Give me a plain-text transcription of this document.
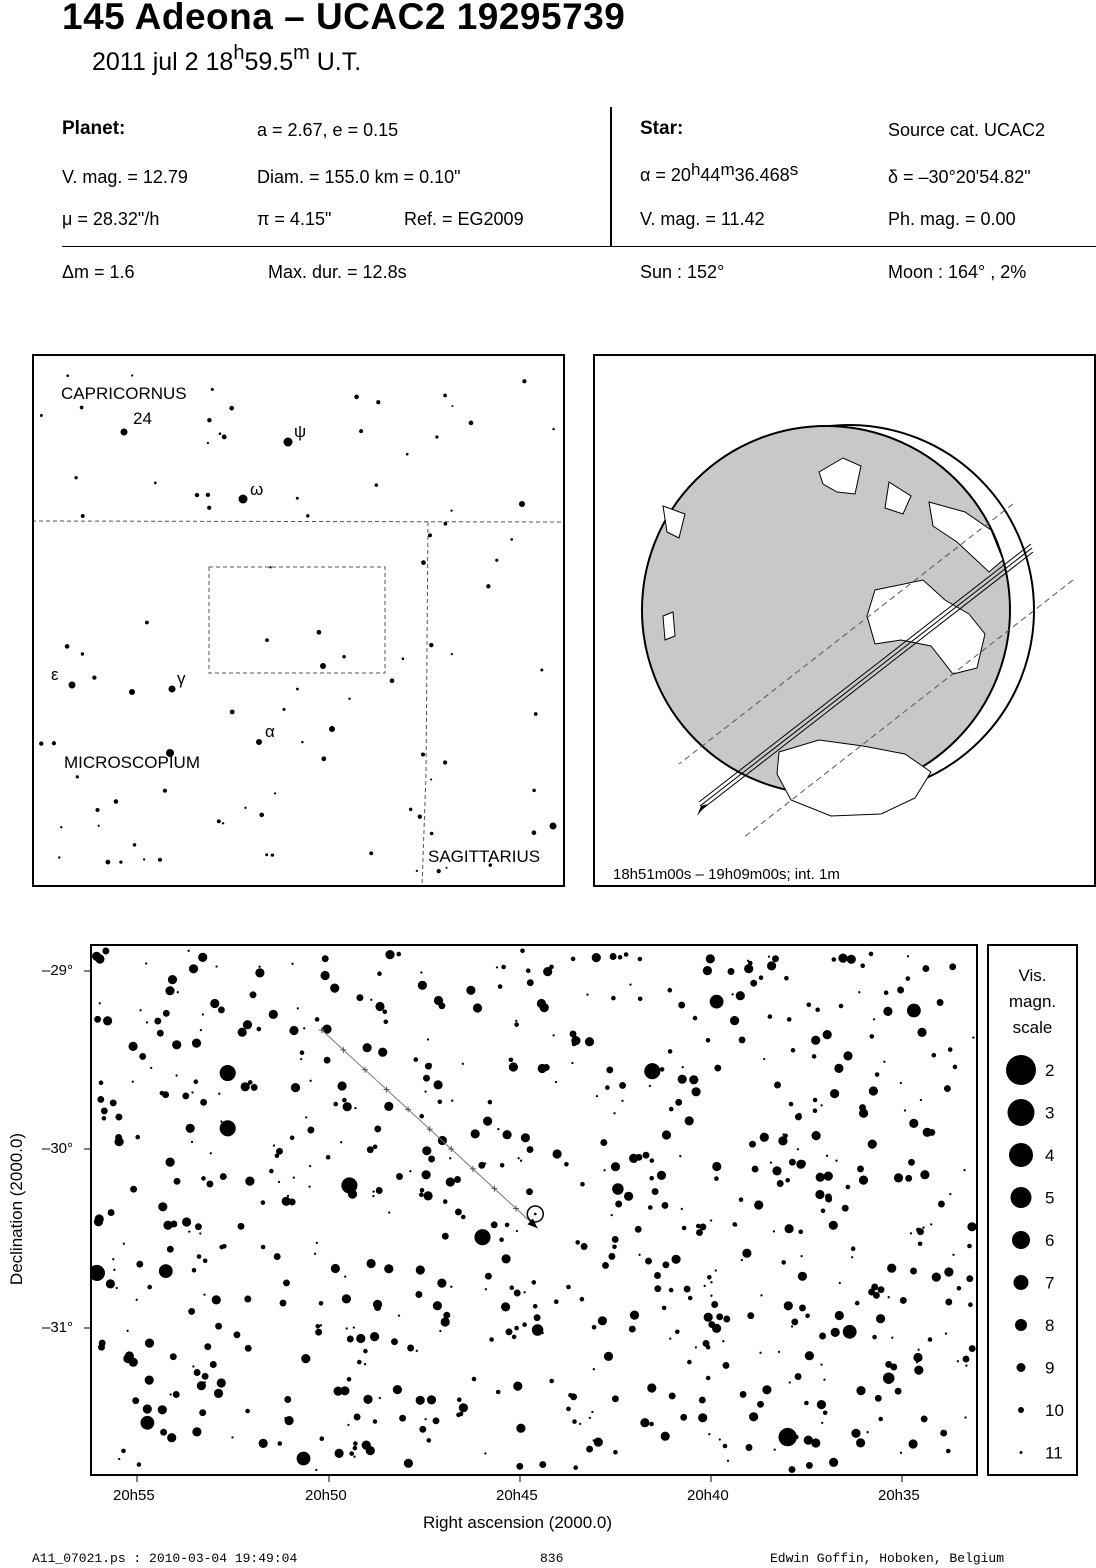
145 Adeona – UCAC2 19295739
2011 jul 2 18$^h$59.5$^m$ U.T.
Planet:	a = 2.67, e = 0.15
V. mag. = 12.79	Diam. = 155.0 km = 0.10"
μ = 28.32"/h	π = 4.15"	Ref. = EG2009
Star:	Source cat. UCAC2
$\alpha = 20^h44^m36.468^s$	δ = –30°20'54.82"
V. mag. = 11.42	Ph. mag. = 0.00
Δm = 1.6	Max. dur. = 12.8s	Sun : 152°	Moon : 164° , 2%
CAPRICORNUS
24
ψ
ω
ε	γ
α
MICROSCOPIUM
SAGITTARIUS
18h51m00s – 19h09m00s; int. 1m
–29°
–30°
–31°
20h55	20h50	20h45	20h40	20h35
Right ascension (2000.0)
Declination (2000.0)
Vis.
magn.
scale
2
3
4
5
6
7
8
9
10
11
A11_07021.ps : 2010-03-04 19:49:04	836	Edwin Goffin, Hoboken, Belgium
